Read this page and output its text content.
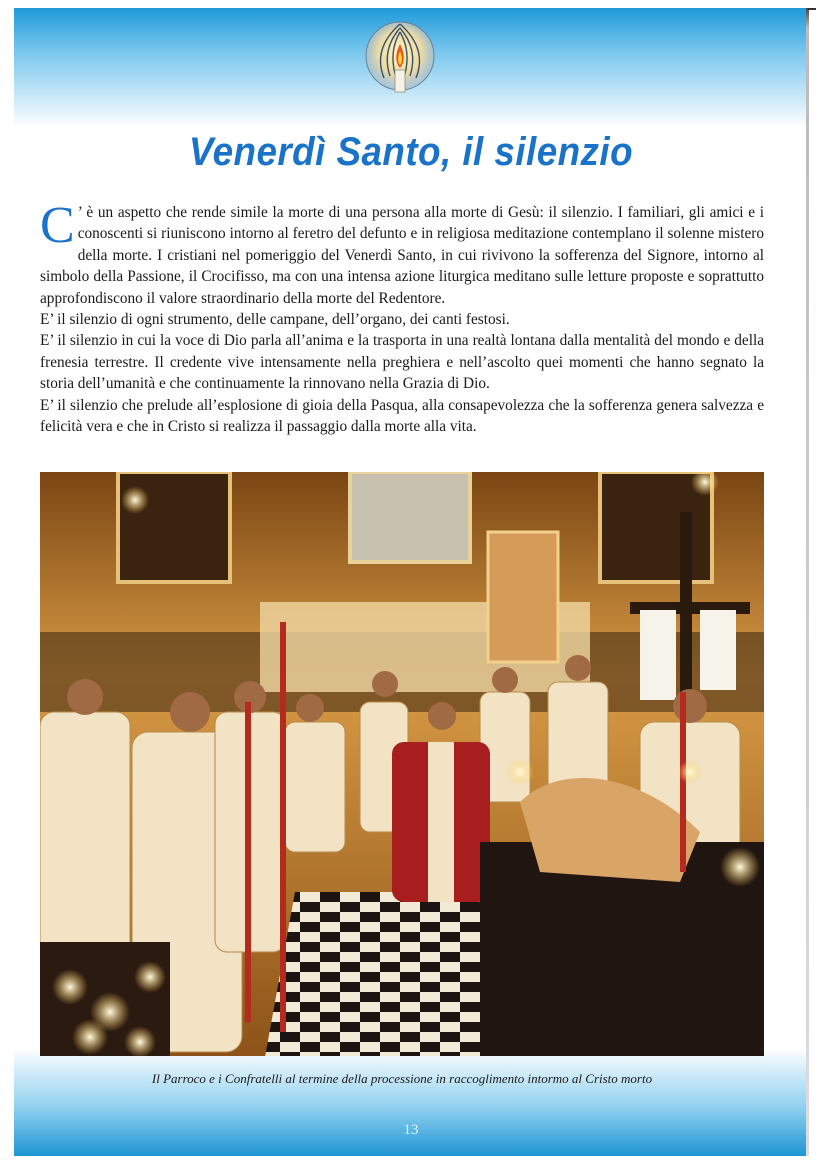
Venerdì Santo, il silenzio

C ’ è un aspetto che rende simile la morte di una persona alla morte di Gesù: il silenzio. I familiari, gli amici e i conoscenti si riuniscono intorno al feretro del defunto e in religiosa meditazione contemplano il solenne mistero della morte. I cristiani nel pomeriggio del Venerdì Santo, in cui rivivono la sofferenza del Signore, intorno al simbolo della Passione, il Crocifisso, ma con una intensa azione liturgica meditano sulle letture proposte e soprattutto approfondiscono il valore straordinario della morte del Redentore.

E’ il silenzio di ogni strumento, delle campane, dell’organo, dei canti festosi.

E’ il silenzio in cui la voce di Dio parla all’anima e la trasporta in una realtà lontana dalla mentalità del mondo e della frenesia terrestre. Il credente vive intensamente nella preghiera e nell’ascolto quei momenti che hanno segnato la storia dell’umanità e che continuamente la rinnovano nella Grazia di Dio.

E’ il silenzio che prelude all’esplosione di gioia della Pasqua, alla consapevolezza che la sofferenza genera salvezza e felicità vera e che in Cristo si realizza il passaggio dalla morte alla vita.

Il Parroco e i Confratelli al termine della processione in raccoglimento intormo al Cristo morto
13
